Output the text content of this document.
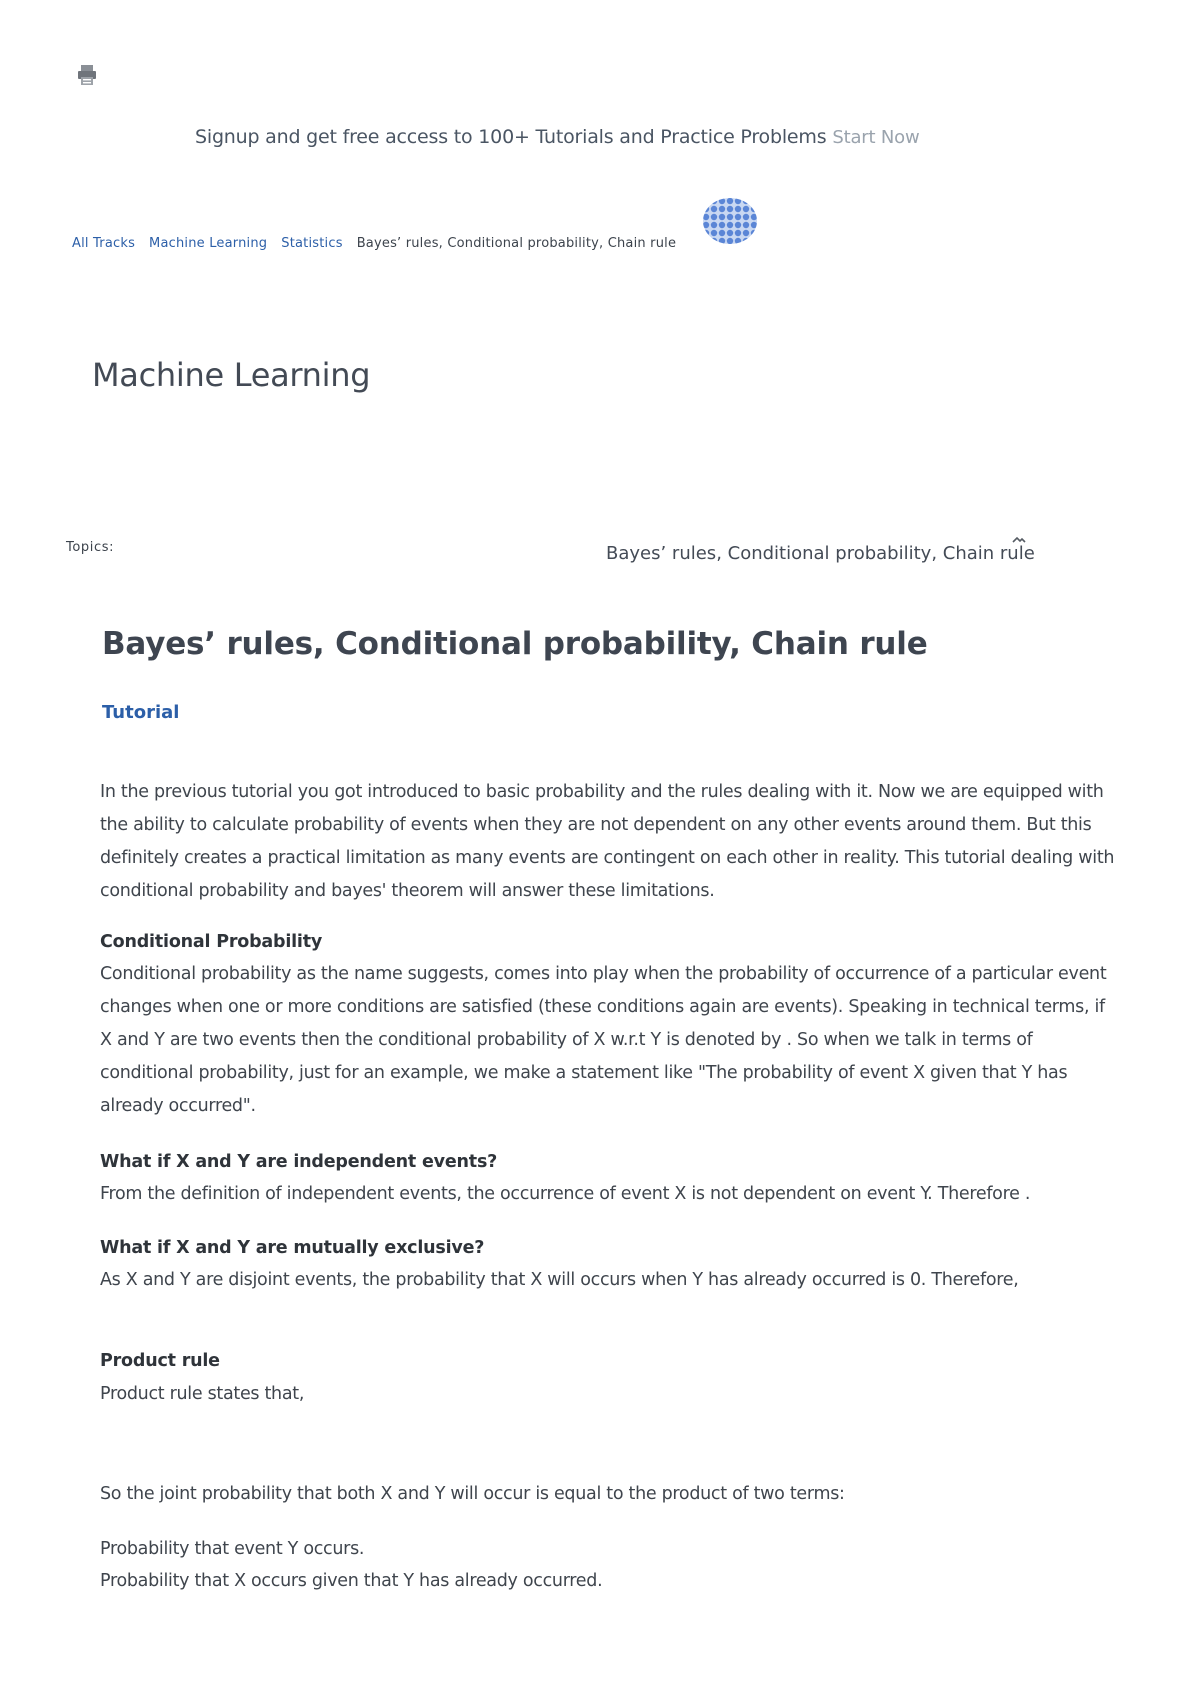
Signup and get free access to 100+ Tutorials and Practice Problems Start Now
All Tracks Machine Learning Statistics Bayes’ rules, Conditional probability, Chain rule
Machine Learning
Topics:	Bayes’ rules, Conditional probability, Chain rule
Bayes’ rules, Conditional probability, Chain rule
Tutorial

In the previous tutorial you got introduced to basic probability and the rules dealing with it. Now we are equipped with the ability to calculate probability of events when they are not dependent on any other events around them. But this definitely creates a practical limitation as many events are contingent on each other in reality. This tutorial dealing with conditional probability and bayes' theorem will answer these limitations.

Conditional Probability

Conditional probability as the name suggests, comes into play when the probability of occurrence of a particular event changes when one or more conditions are satisfied (these conditions again are events). Speaking in technical terms, if X and Y are two events then the conditional probability of X w.r.t Y is denoted by . So when we talk in terms of conditional probability, just for an example, we make a statement like "The probability of event X given that Y has already occurred".

What if X and Y are independent events?

From the definition of independent events, the occurrence of event X is not dependent on event Y. Therefore .

What if X and Y are mutually exclusive?

As X and Y are disjoint events, the probability that X will occurs when Y has already occurred is 0. Therefore,

Product rule

Product rule states that,

So the joint probability that both X and Y will occur is equal to the product of two terms:

Probability that event Y occurs.

Probability that X occurs given that Y has already occurred.
